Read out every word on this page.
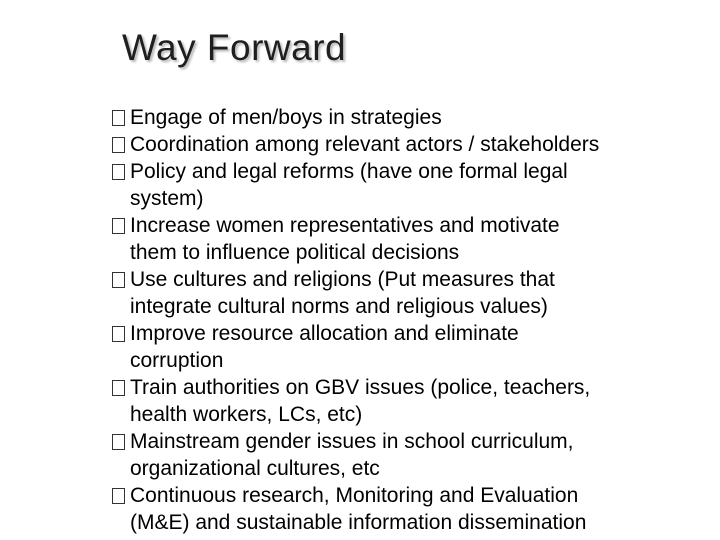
Way Forward
Engage of men/boys in strategies
Coordination among relevant actors / stakeholders
Policy and legal reforms (have one formal legal
system)
Increase women representatives and motivate
them to influence political decisions
Use cultures and religions (Put measures that
integrate cultural norms and religious values)
Improve resource allocation and eliminate
corruption
Train authorities on GBV issues (police, teachers,
health workers, LCs, etc)
Mainstream gender issues in school curriculum,
organizational cultures, etc
Continuous research, Monitoring and Evaluation
(M&E) and sustainable information dissemination
